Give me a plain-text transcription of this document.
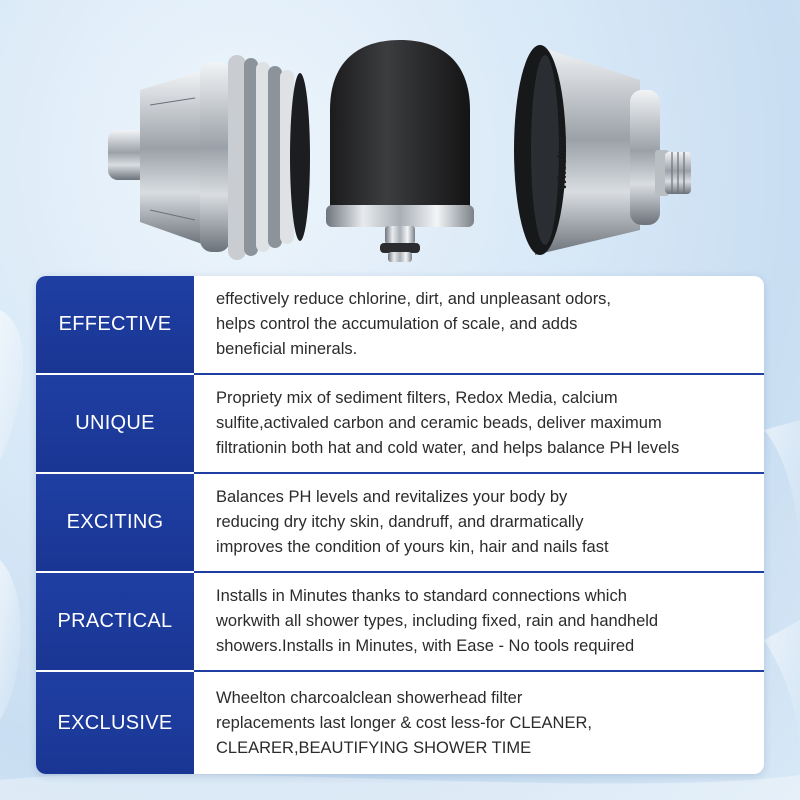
Wheelton
EFFECTIVE

effectively reduce chlorine, dirt, and unpleasant odors,
helps control the accumulation of scale, and adds
beneficial minerals.

UNIQUE

Propriety mix of sediment filters, Redox Media, calcium
sulfite,activaled carbon and ceramic beads, deliver maximum
filtrationin both hat and cold water, and helps balance PH levels

EXCITING

Balances PH levels and revitalizes your body by
reducing dry itchy skin, dandruff, and drarmatically
improves the condition of yours kin, hair and nails fast

PRACTICAL

Installs in Minutes thanks to standard connections which
workwith all shower types, including fixed, rain and handheld
showers.Installs in Minutes, with Ease - No tools required

EXCLUSIVE

Wheelton charcoalclean showerhead filter
replacements last longer & cost less-for CLEANER,
CLEARER,BEAUTIFYING SHOWER TIME
